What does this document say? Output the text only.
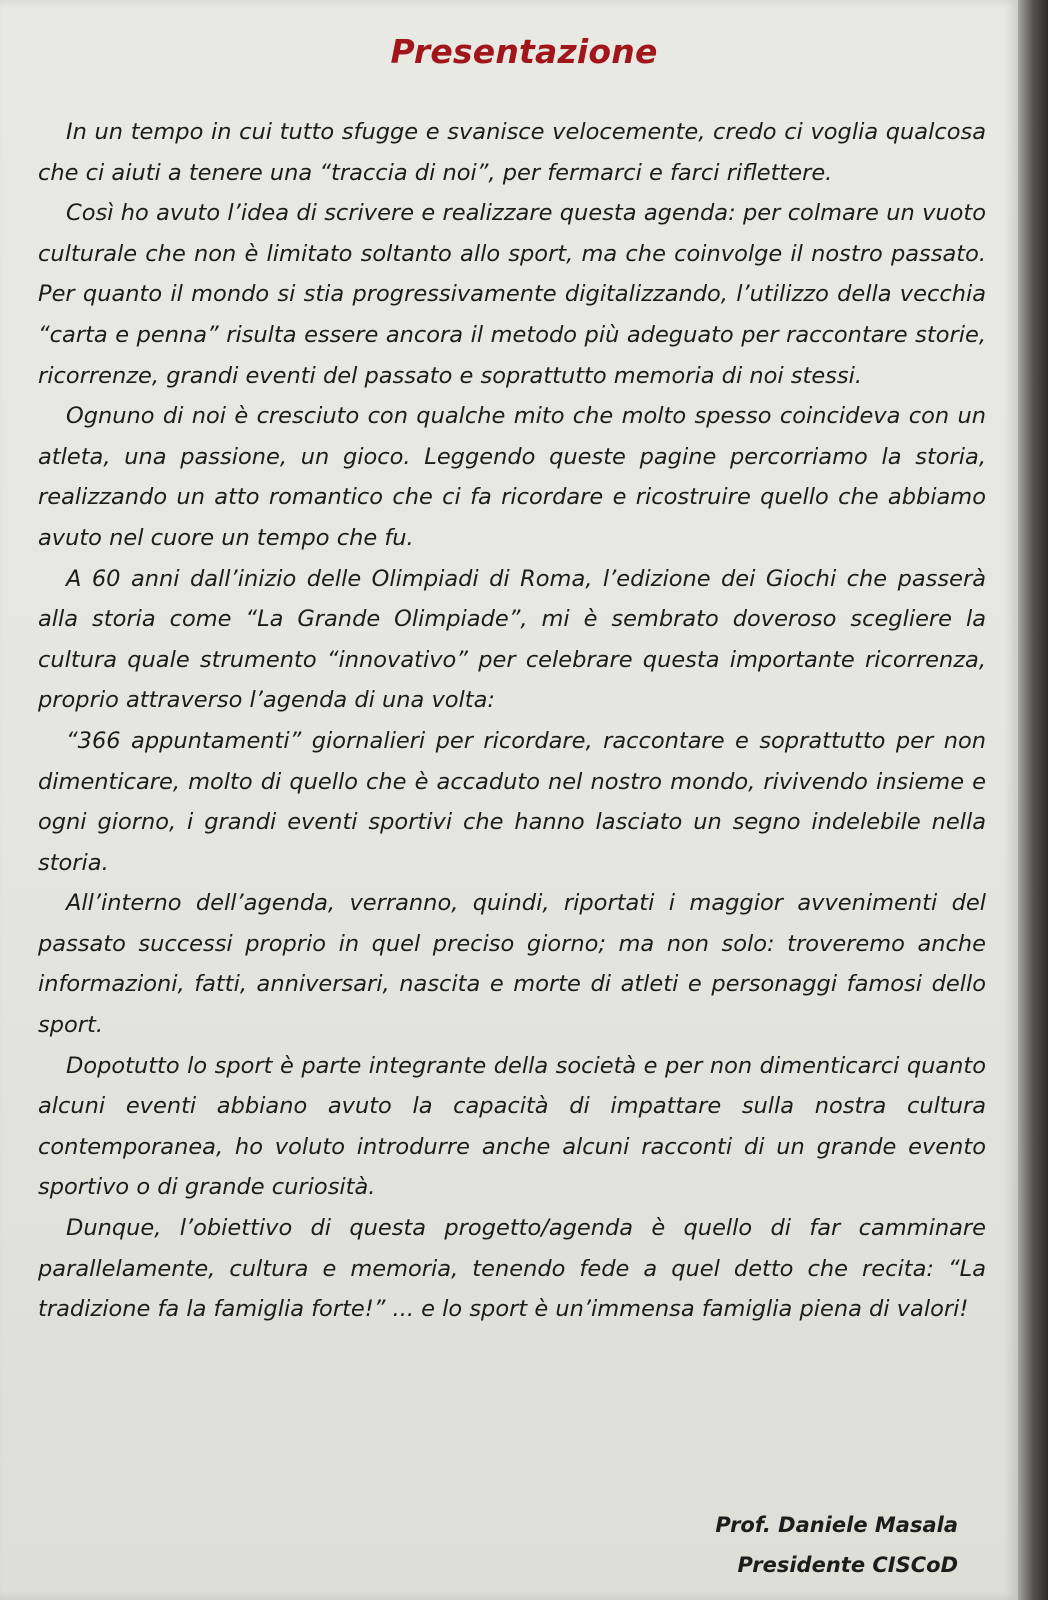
Presentazione

In un tempo in cui tutto sfugge e svanisce velocemente, credo ci voglia qualcosa che ci aiuti a tenere una “traccia di noi”, per fermarci e farci riflettere.

Così ho avuto l’idea di scrivere e realizzare questa agenda: per colmare un vuoto culturale che non è limitato soltanto allo sport, ma che coinvolge il nostro passato. Per quanto il mondo si stia progressivamente digitalizzando, l’utilizzo della vecchia “carta e penna” risulta essere ancora il metodo più adeguato per raccontare storie, ricorrenze, grandi eventi del passato e soprattutto memoria di noi stessi.

Ognuno di noi è cresciuto con qualche mito che molto spesso coincideva con un atleta, una passione, un gioco. Leggendo queste pagine percorriamo la storia, realizzando un atto romantico che ci fa ricordare e ricostruire quello che abbiamo avuto nel cuore un tempo che fu.

A 60 anni dall’inizio delle Olimpiadi di Roma, l’edizione dei Giochi che passerà alla storia come “La Grande Olimpiade”, mi è sembrato doveroso scegliere la cultura quale strumento “innovativo” per celebrare questa importante ricorrenza, proprio attraverso l’agenda di una volta:

“366 appuntamenti” giornalieri per ricordare, raccontare e soprattutto per non dimenticare, molto di quello che è accaduto nel nostro mondo, rivivendo insieme e ogni giorno, i grandi eventi sportivi che hanno lasciato un segno indelebile nella storia.

All’interno dell’agenda, verranno, quindi, riportati i maggior avvenimenti del passato successi proprio in quel preciso giorno; ma non solo: troveremo anche informazioni, fatti, anniversari, nascita e morte di atleti e personaggi famosi dello sport.

Dopotutto lo sport è parte integrante della società e per non dimenticarci quanto alcuni eventi abbiano avuto la capacità di impattare sulla nostra cultura contemporanea, ho voluto introdurre anche alcuni racconti di un grande evento sportivo o di grande curiosità.

Dunque, l’obiettivo di questa progetto/agenda è quello di far camminare parallelamente, cultura e memoria, tenendo fede a quel detto che recita: “La tradizione fa la famiglia forte!” ... e lo sport è un’immensa famiglia piena di valori!

Prof. Daniele Masala
Presidente CISCoD
